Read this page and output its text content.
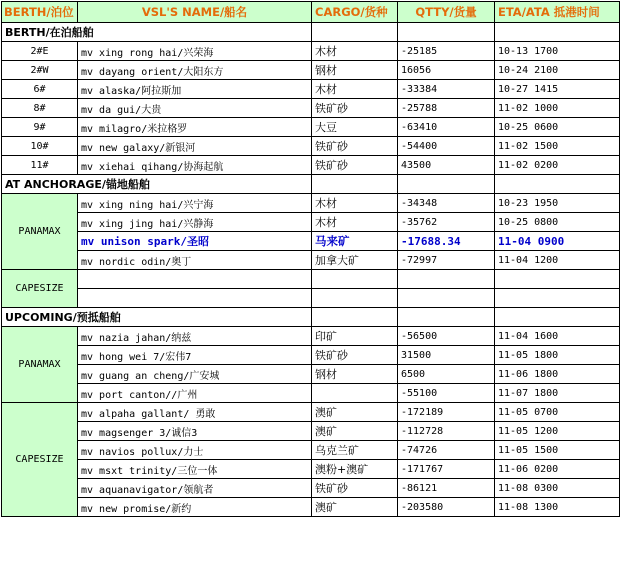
BERTH/泊位	VSL'S NAME/船名	CARGO/货种	QTTY/货量	ETA/ATA 抵港时间
BERTH/在泊船舶				
2#E	mv xing rong hai/兴荣海	木材	-25185	10-13 1700
2#W	mv dayang orient/大阳东方	钢材	16056	10-24 2100
6#	mv alaska/阿拉斯加	木材	-33384	10-27 1415
8#	mv da gui/大贵	铁矿砂	-25788	11-02 1000
9#	mv milagro/米拉格罗	大豆	-63410	10-25 0600
10#	mv new galaxy/新银河	铁矿砂	-54400	11-02 1500
11#	mv xiehai qihang/协海起航	铁矿砂	43500	11-02 0200
AT ANCHORAGE/锚地船舶				
PANAMAX	mv xing ning hai/兴宁海	木材	-34348	10-23 1950
	mv xing jing hai/兴静海	木材	-35762	10-25 0800
	mv unison spark/圣昭	马来矿	-17688.34	11-04 0900
	mv nordic odin/奥丁	加拿大矿	-72997	11-04 1200
CAPESIZE				

UPCOMING/预抵船舶				
PANAMAX	mv nazia jahan/纳兹	印矿	-56500	11-04 1600
	mv hong wei 7/宏伟7	铁矿砂	31500	11-05 1800
	mv guang an cheng/广安城	钢材	6500	11-06 1800
	mv port canton//广州		-55100	11-07 1800
CAPESIZE	mv alpaha gallant/ 勇敢	澳矿	-172189	11-05 0700
	mv magsenger 3/诚信3	澳矿	-112728	11-05 1200
	mv navios pollux/力士	乌克兰矿	-74726	11-05 1500
	mv msxt trinity/三位一体	澳粉+澳矿	-171767	11-06 0200
	mv aquanavigator/领航者	铁矿砂	-86121	11-08 0300
	mv new promise/新约	澳矿	-203580	11-08 1300
